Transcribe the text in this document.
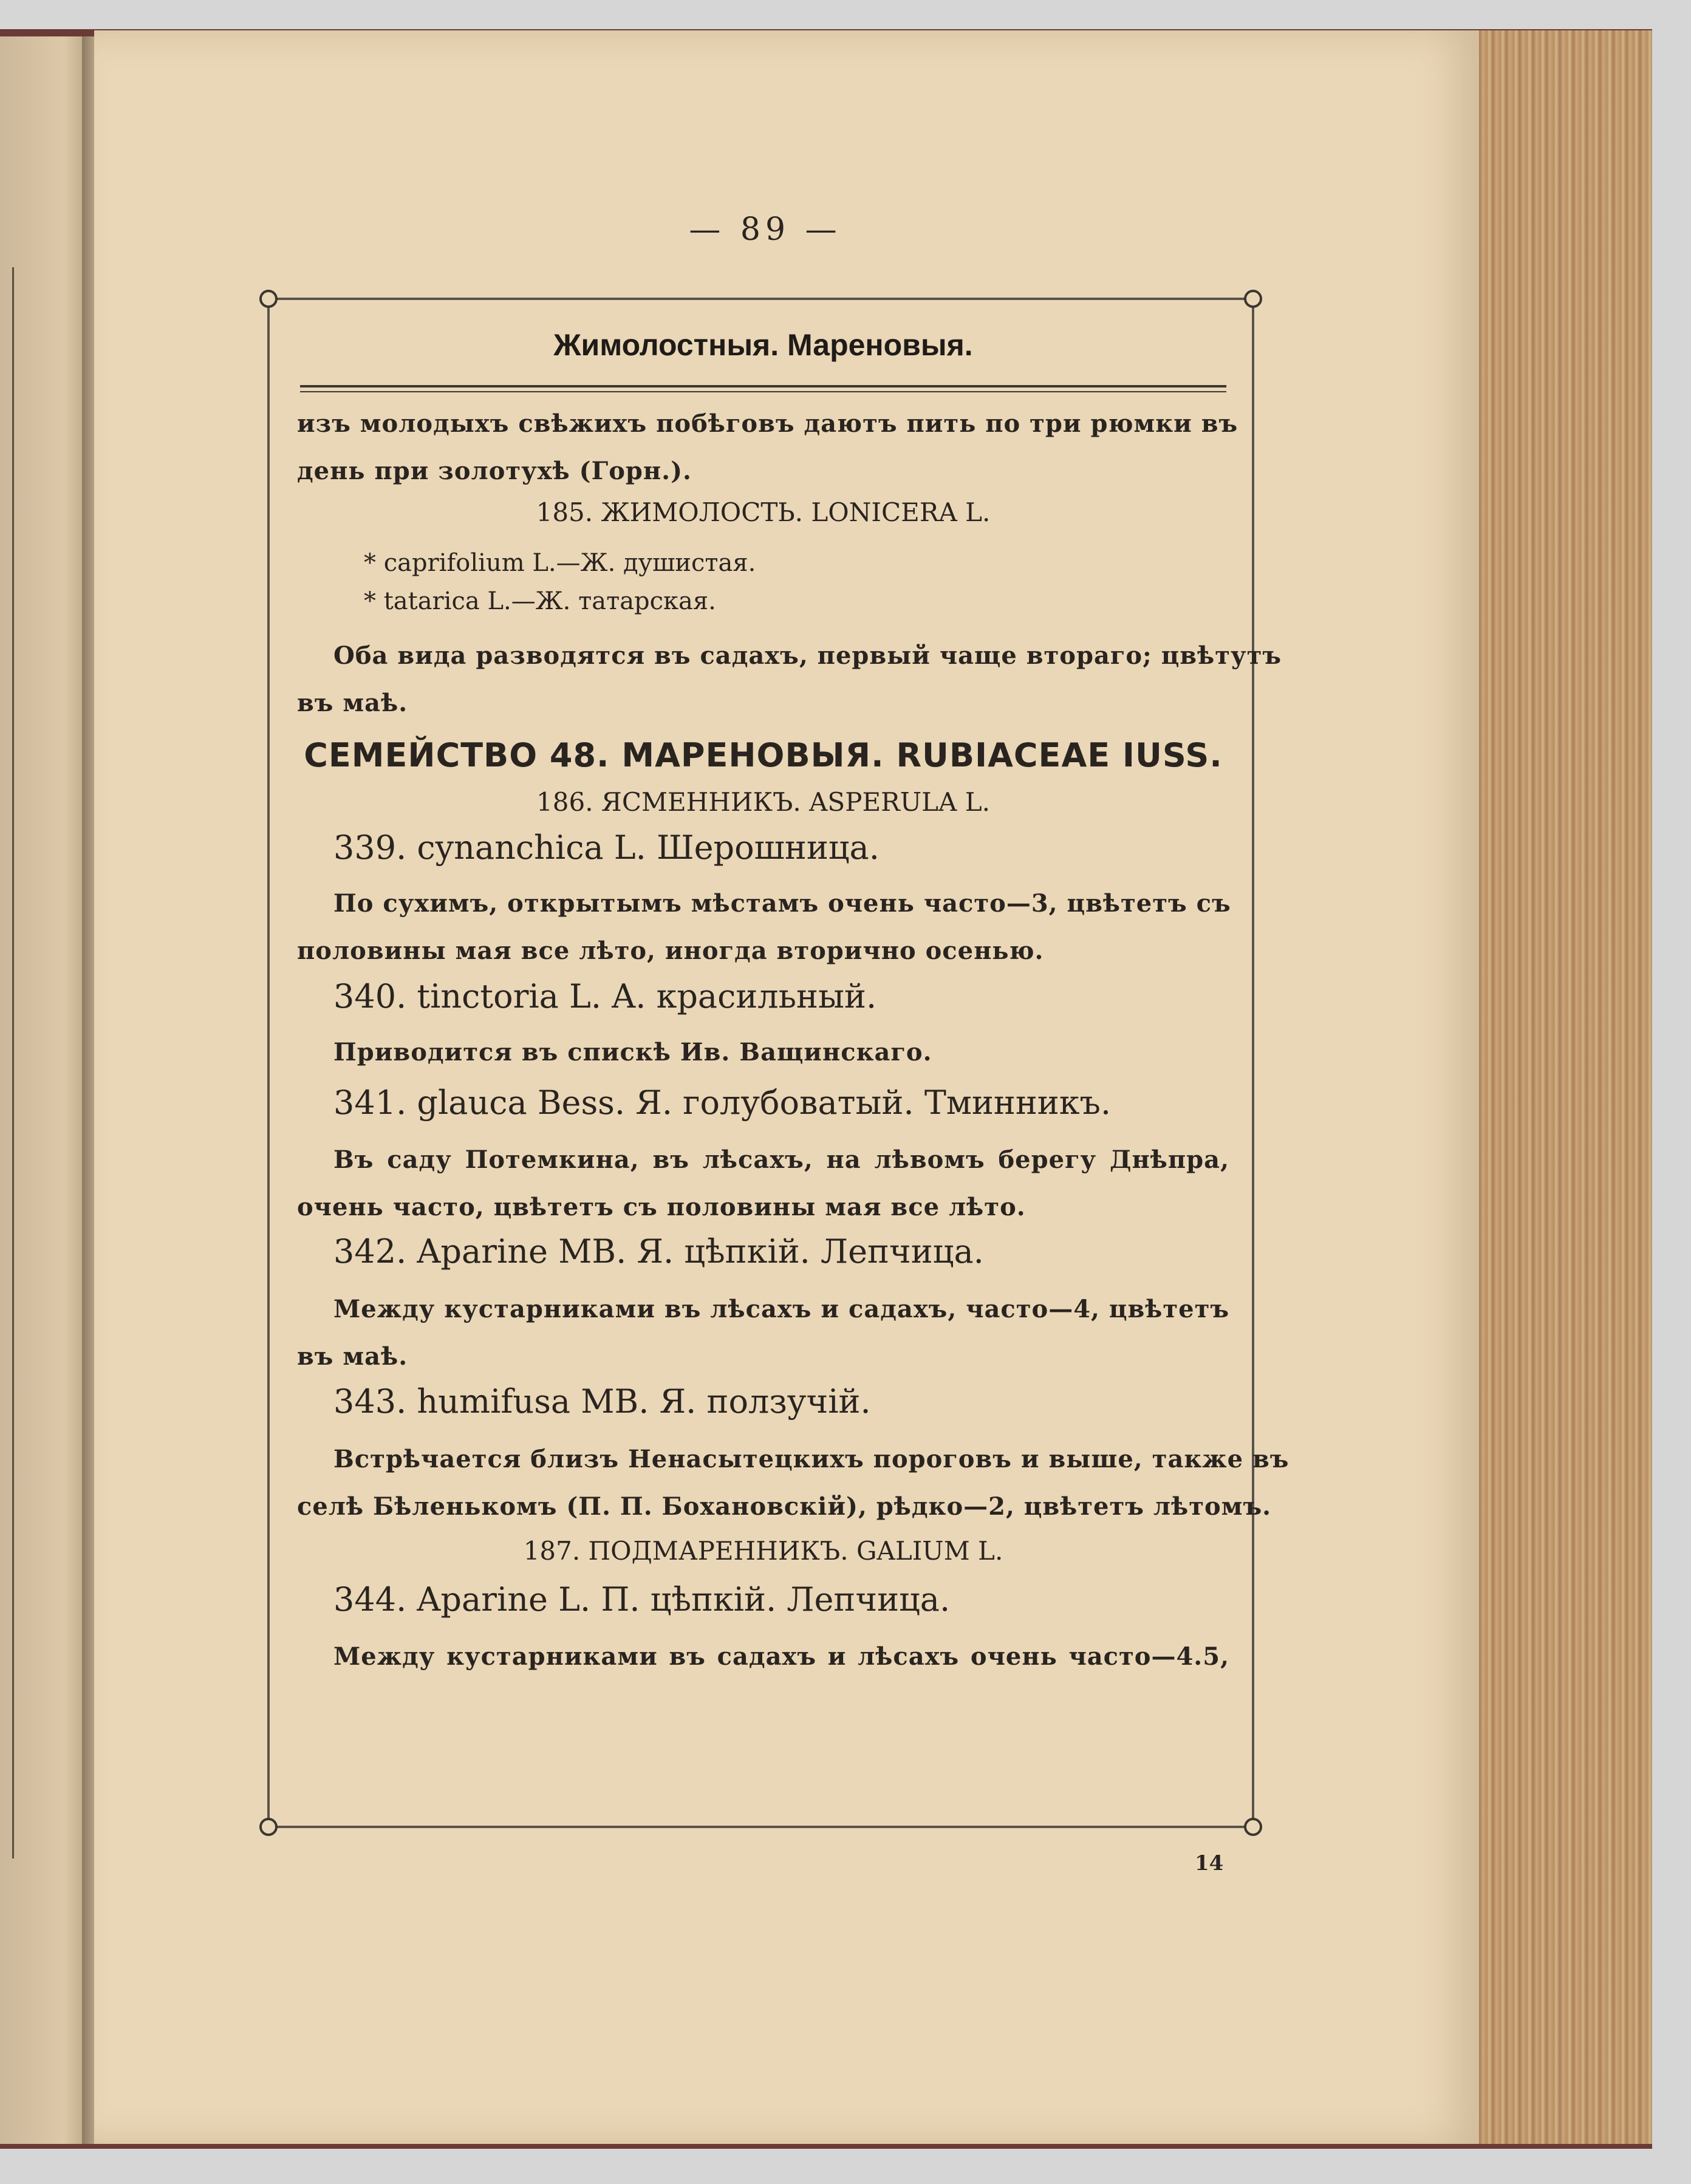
— 89 —
Жимолостныя. Мареновыя.
изъ молодыхъ свѣжихъ побѣговъ даютъ пить по три рюмки въ
день при золотухѣ (Горн.).
185. ЖИМОЛОСТЬ. LONICERA L.
* caprifolium L.—Ж. душистая.
* tatarica L.—Ж. татарская.
Оба вида разводятся въ садахъ, первый чаще втораго; цвѣтутъ
въ маѣ.
СЕМЕЙСТВО 48. МАРЕНОВЫЯ. RUBIACEAE IUSS.
186. ЯСМЕННИКЪ. ASPERULA L.
339. cynanchica L. Шерошница.
По сухимъ, открытымъ мѣстамъ очень часто—3, цвѣтетъ съ
половины мая все лѣто, иногда вторично осенью.
340. tinctoria L. A. красильный.
Приводится въ спискѣ Ив. Ващинскаго.
341. glauca Bess. Я. голубоватый. Тминникъ.
Въ саду Потемкина, въ лѣсахъ, на лѣвомъ берегу Днѣпра,
очень часто, цвѣтетъ съ половины мая все лѣто.
342. Aparine MB. Я. цѣпкій. Лепчица.
Между кустарниками въ лѣсахъ и садахъ, часто—4, цвѣтетъ
въ маѣ.
343. humifusa MB. Я. ползучій.
Встрѣчается близъ Ненасытецкихъ пороговъ и выше, также въ
селѣ Бѣленькомъ (П. П. Бохановскій), рѣдко—2, цвѣтетъ лѣтомъ.
187. ПОДМАРЕННИКЪ. GALIUM L.
344. Aparine L. П. цѣпкій. Лепчица.
Между кустарниками въ садахъ и лѣсахъ очень часто—4.5,
14
